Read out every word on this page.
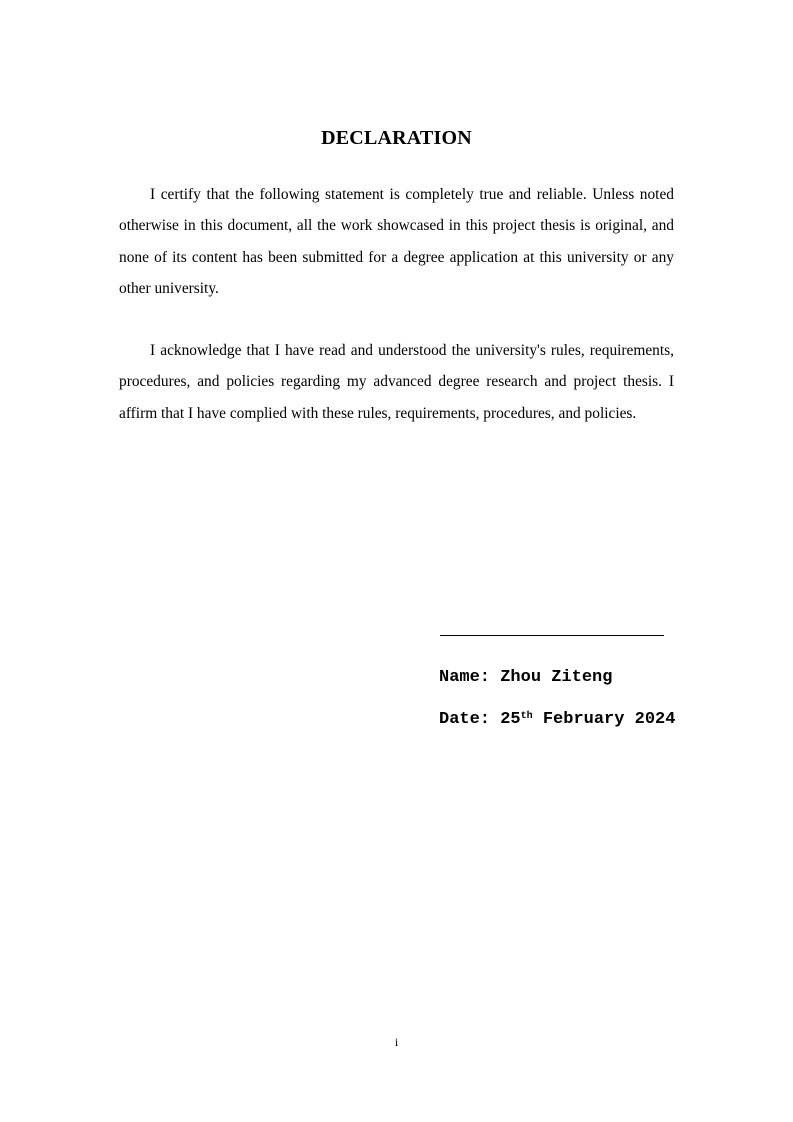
DECLARATION

I certify that the following statement is completely true and reliable. Unless noted otherwise in this document, all the work showcased in this project thesis is original, and none of its content has been submitted for a degree application at this university or any other university.

I acknowledge that I have read and understood the university's rules, requirements, procedures, and policies regarding my advanced degree research and project thesis. I affirm that I have complied with these rules, requirements, procedures, and policies.

Name: Zhou Ziteng
Date: 25th February 2024
i
